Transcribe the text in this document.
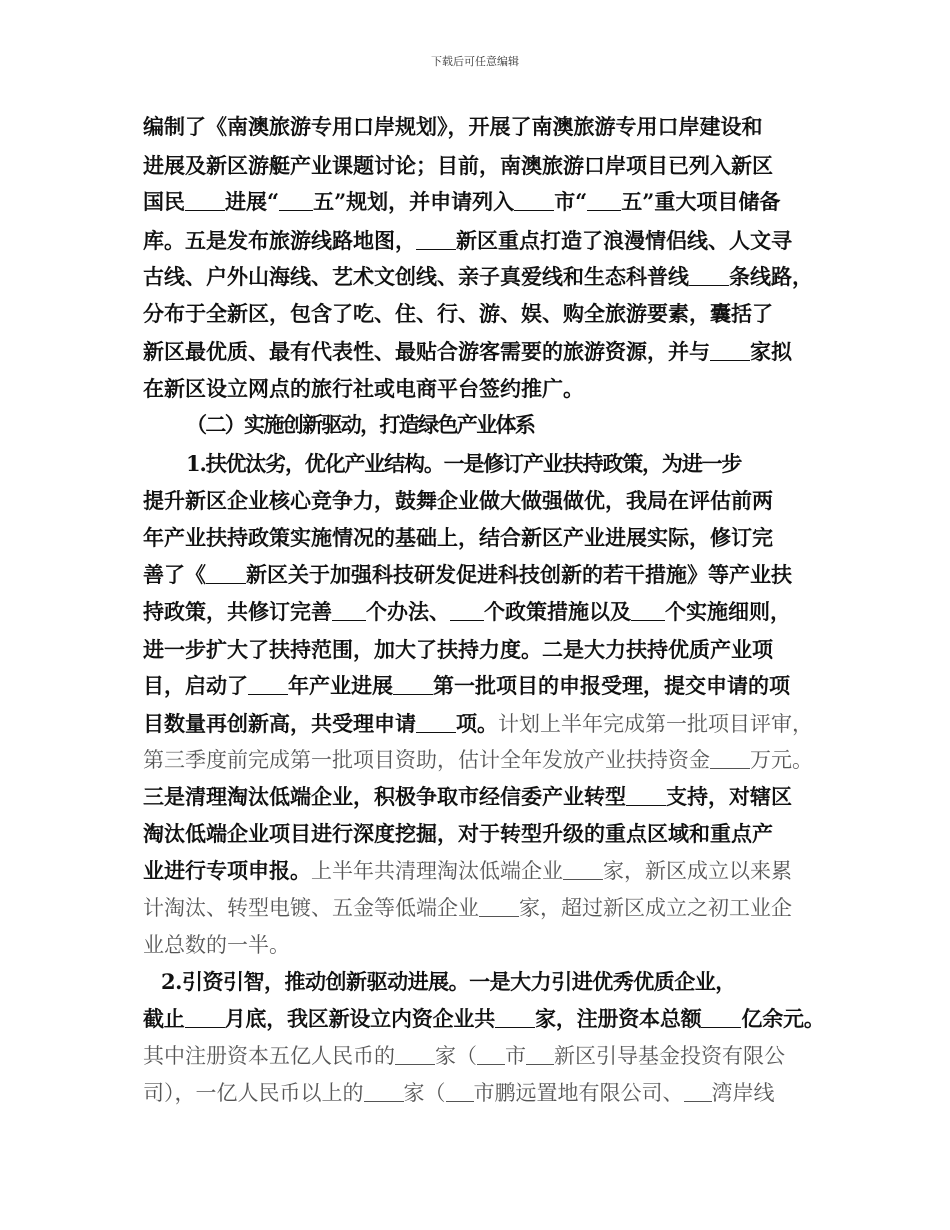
下载后可任意编辑
编制了《南澳旅游专用口岸规划》，开展了南澳旅游专用口岸建设和
进展及新区游艇产业课题讨论；目前，南澳旅游口岸项目已列入新区
国民 进展“ 五”规划，并申请列入 市“ 五”重大项目储备
库。五是发布旅游线路地图， 新区重点打造了浪漫情侣线、人文寻
古线、户外山海线、艺术文创线、亲子真爱线和生态科普线 条线路，
分布于全新区，包含了吃、住、行、游、娱、购全旅游要素，囊括了
新区最优质、最有代表性、最贴合游客需要的旅游资源，并与 家拟
在新区设立网点的旅行社或电商平台签约推广。
（二）实施创新驱动，打造绿色产业体系
1.扶优汰劣，优化产业结构。一是修订产业扶持政策，为进一步
提升新区企业核心竞争力，鼓舞企业做大做强做优，我局在评估前两
年产业扶持政策实施情况的基础上，结合新区产业进展实际，修订完
善了《 新区关于加强科技研发促进科技创新的若干措施》等产业扶
持政策，共修订完善 个办法、 个政策措施以及 个实施细则，
进一步扩大了扶持范围，加大了扶持力度。二是大力扶持优质产业项
目，启动了 年产业进展 第一批项目的申报受理，提交申请的项
目数量再创新高，共受理申请 项。计划上半年完成第一批项目评审，
第三季度前完成第一批项目资助，估计全年发放产业扶持资金 万元。
三是清理淘汰低端企业，积极争取市经信委产业转型 支持，对辖区
淘汰低端企业项目进行深度挖掘，对于转型升级的重点区域和重点产
业进行专项申报。上半年共清理淘汰低端企业 家，新区成立以来累
计淘汰、转型电镀、五金等低端企业 家，超过新区成立之初工业企
业总数的一半。
2.引资引智，推动创新驱动进展。一是大力引进优秀优质企业，
截止 月底，我区新设立内资企业共 家，注册资本总额 亿余元。
其中注册资本五亿人民币的 家（ 市 新区引导基金投资有限公
司），一亿人民币以上的 家（ 市鹏远置地有限公司、 湾岸线
